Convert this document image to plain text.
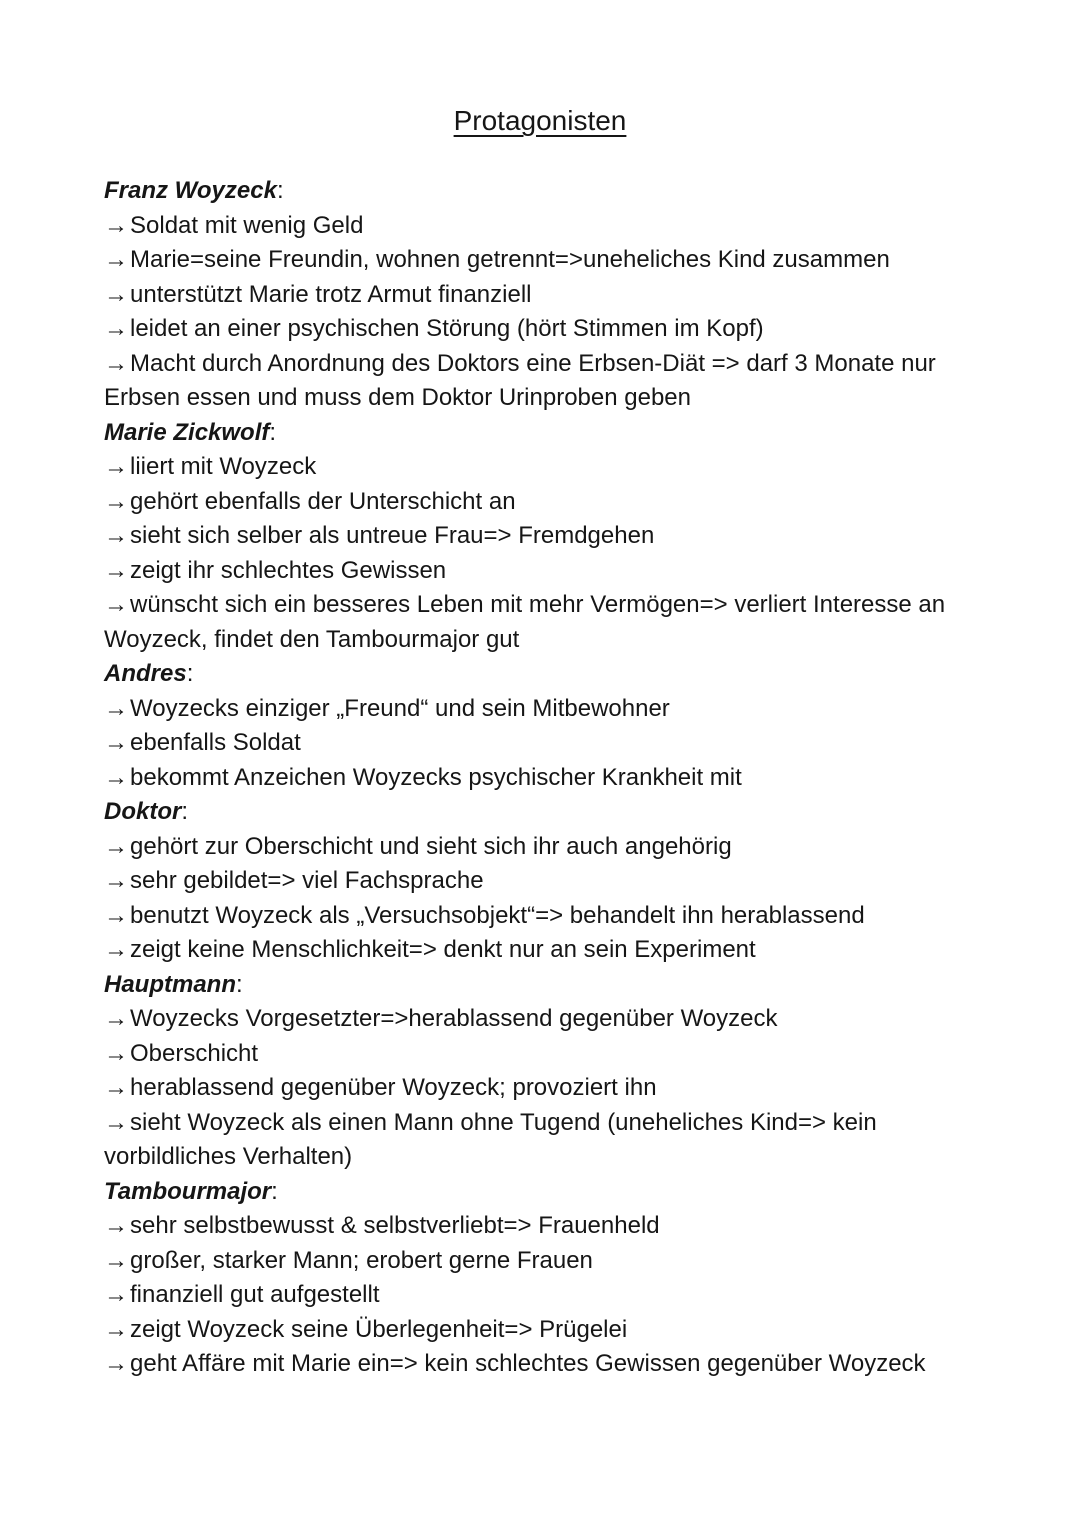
Protagonisten

Franz Woyzeck:

→Soldat mit wenig Geld

→Marie=seine Freundin, wohnen getrennt=>uneheliches Kind zusammen

→unterstützt Marie trotz Armut finanziell

→leidet an einer psychischen Störung (hört Stimmen im Kopf)

→Macht durch Anordnung des Doktors eine Erbsen-Diät => darf 3 Monate nur Erbsen essen und muss dem Doktor Urinproben geben

Marie Zickwolf:

→liiert mit Woyzeck

→gehört ebenfalls der Unterschicht an

→sieht sich selber als untreue Frau=> Fremdgehen

→zeigt ihr schlechtes Gewissen

→wünscht sich ein besseres Leben mit mehr Vermögen=> verliert Interesse an Woyzeck, findet den Tambourmajor gut

Andres:

→Woyzecks einziger „Freund“ und sein Mitbewohner

→ebenfalls Soldat

→bekommt Anzeichen Woyzecks psychischer Krankheit mit

Doktor:

→gehört zur Oberschicht und sieht sich ihr auch angehörig

→sehr gebildet=> viel Fachsprache

→benutzt Woyzeck als „Versuchsobjekt“=> behandelt ihn herablassend

→zeigt keine Menschlichkeit=> denkt nur an sein Experiment

Hauptmann:

→Woyzecks Vorgesetzter=>herablassend gegenüber Woyzeck

→Oberschicht

→herablassend gegenüber Woyzeck; provoziert ihn

→sieht Woyzeck als einen Mann ohne Tugend (uneheliches Kind=> kein vorbildliches Verhalten)

Tambourmajor:

→sehr selbstbewusst & selbstverliebt=> Frauenheld

→großer, starker Mann; erobert gerne Frauen

→finanziell gut aufgestellt

→zeigt Woyzeck seine Überlegenheit=> Prügelei

→geht Affäre mit Marie ein=> kein schlechtes Gewissen gegenüber Woyzeck
